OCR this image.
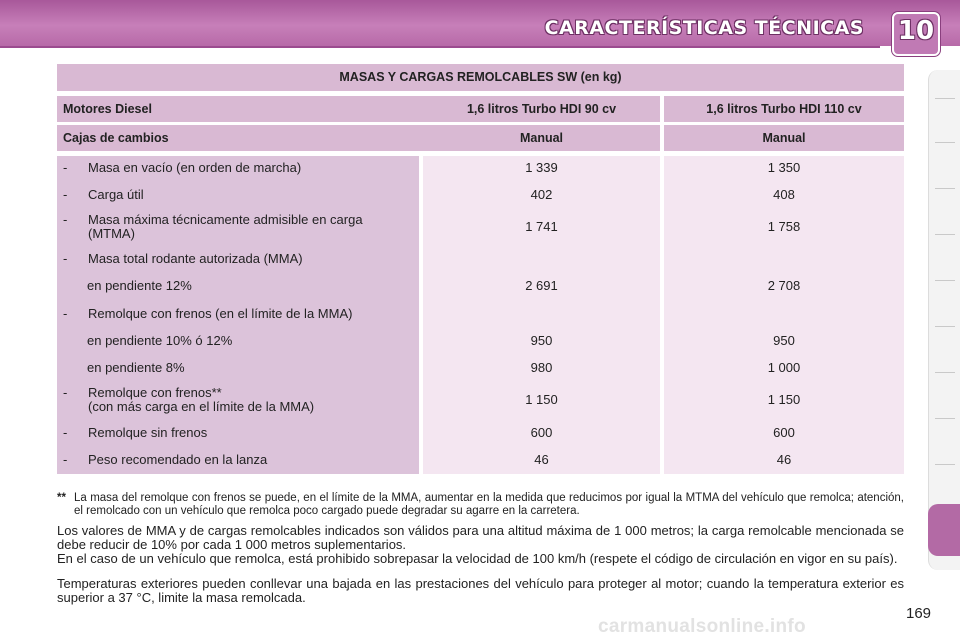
CARACTERÍSTICAS TÉCNICAS 10
MASAS Y CARGAS REMOLCABLES SW (en kg)
Motores Diesel	1,6 litros Turbo HDI 90 cv	1,6 litros Turbo HDI 110 cv
Cajas de cambios	Manual	Manual
- Masa en vacío (en orden de marcha)	1 339	1 350
- Carga útil	402	408
- Masa máxima técnicamente admisible en carga
(MTMA)	1 741	1 758
- Masa total rodante autorizada (MMA)
en pendiente 12%	2 691	2 708
- Remolque con frenos (en el límite de la MMA)
en pendiente 10% ó 12%	950	950
en pendiente 8%	980	1 000
- Remolque con frenos**
(con más carga en el límite de la MMA)	1 150	1 150
- Remolque sin frenos	600	600
- Peso recomendado en la lanza	46	46
** La masa del remolque con frenos se puede, en el límite de la MMA, aumentar en la medida que reducimos por igual la MTMA del vehículo que remolca; atención, el remolcado con un vehículo que remolca poco cargado puede degradar su agarre en la carretera.
Los valores de MMA y de cargas remolcables indicados son válidos para una altitud máxima de 1 000 metros; la carga remolcable mencionada se debe reducir de 10% por cada 1 000 metros suplementarios.
En el caso de un vehículo que remolca, está prohibido sobrepasar la velocidad de 100 km/h (respete el código de circulación en vigor en su país).
Temperaturas exteriores pueden conllevar una bajada en las prestaciones del vehículo para proteger al motor; cuando la temperatura exterior es superior a 37 °C, limite la masa remolcada.
169
carmanualsonline.info
